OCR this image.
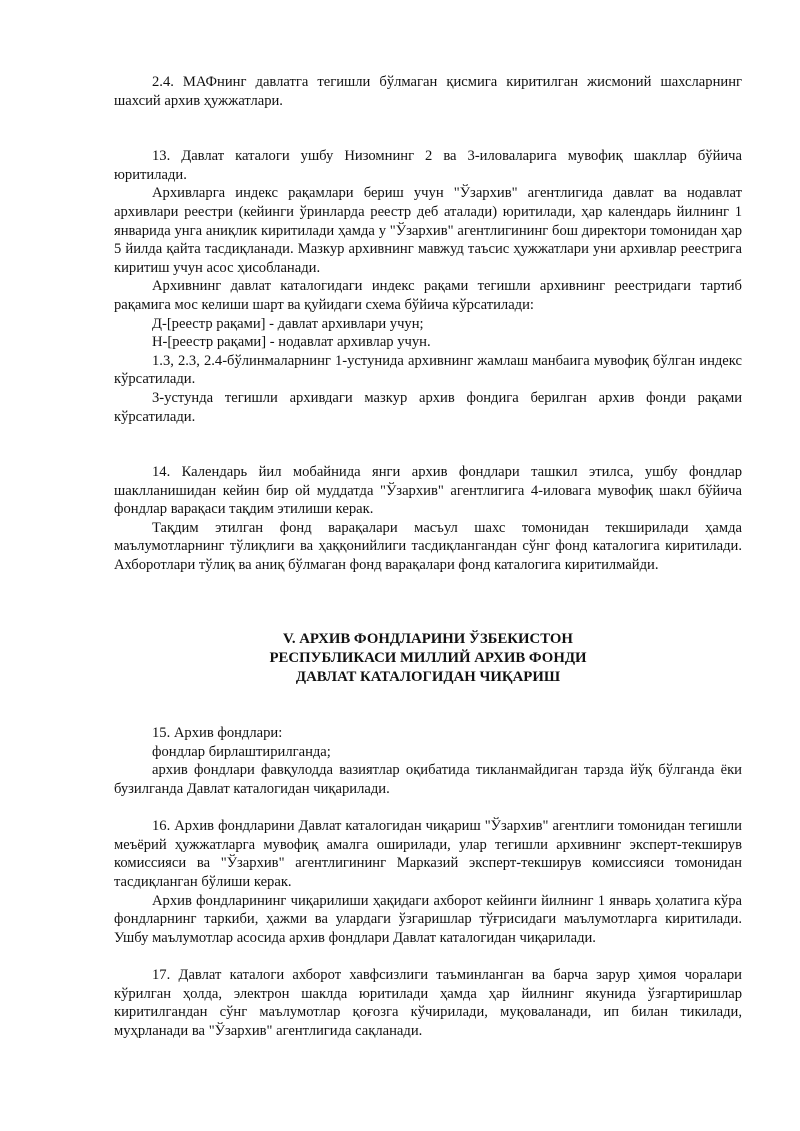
2.4. МАФнинг давлатга тегишли бўлмаган қисмига киритилган жисмоний шахсларнинг шахсий архив ҳужжатлари.

13. Давлат каталоги ушбу Низомнинг 2 ва 3-иловаларига мувофиқ шакллар бўйича юритилади.

Архивларга индекс рақамлари бериш учун "Ўзархив" агентлигида давлат ва нодавлат архивлари реестри (кейинги ўринларда реестр деб аталади) юритилади, ҳар календарь йилнинг 1 январида унга аниқлик киритилади ҳамда у "Ўзархив" агентлигининг бош директори томонидан ҳар 5 йилда қайта тасдиқланади. Мазкур архивнинг мавжуд таъсис ҳужжатлари уни архивлар реестрига киритиш учун асос ҳисобланади.

Архивнинг давлат каталогидаги индекс рақами тегишли архивнинг реестридаги тартиб рақамига мос келиши шарт ва қуйидаги схема бўйича кўрсатилади:

Д-[реестр рақами] - давлат архивлари учун;

Н-[реестр рақами] - нодавлат архивлар учун.

1.3, 2.3, 2.4-бўлинмаларнинг 1-устунида архивнинг жамлаш манбаига мувофиқ бўлган индекс кўрсатилади.

3-устунда тегишли архивдаги мазкур архив фондига берилган архив фонди рақами кўрсатилади.

14. Календарь йил мобайнида янги архив фондлари ташкил этилса, ушбу фондлар шаклланишидан кейин бир ой муддатда "Ўзархив" агентлигига 4-иловага мувофиқ шакл бўйича фондлар варақаси тақдим этилиши керак.

Тақдим этилган фонд варақалари масъул шахс томонидан текширилади ҳамда маълумотларнинг тўлиқлиги ва ҳаққонийлиги тасдиқлангандан сўнг фонд каталогига киритилади. Ахборотлари тўлиқ ва аниқ бўлмаган фонд варақалари фонд каталогига киритилмайди.

V. АРХИВ ФОНДЛАРИНИ ЎЗБЕКИСТОН

РЕСПУБЛИКАСИ МИЛЛИЙ АРХИВ ФОНДИ

ДАВЛАТ КАТАЛОГИДАН ЧИҚАРИШ

15. Архив фондлари:

фондлар бирлаштирилганда;

архив фондлари фавқулодда вазиятлар оқибатида тикланмайдиган тарзда йўқ бўлганда ёки бузилганда Давлат каталогидан чиқарилади.

16. Архив фондларини Давлат каталогидан чиқариш "Ўзархив" агентлиги томонидан тегишли меъёрий ҳужжатларга мувофиқ амалга оширилади, улар тегишли архивнинг эксперт-текширув комиссияси ва "Ўзархив" агентлигининг Марказий эксперт-текширув комиссияси томонидан тасдиқланган бўлиши керак.

Архив фондларининг чиқарилиши ҳақидаги ахборот кейинги йилнинг 1 январь ҳолатига кўра фондларнинг таркиби, ҳажми ва улардаги ўзгаришлар тўғрисидаги маълумотларга киритилади. Ушбу маълумотлар асосида архив фондлари Давлат каталогидан чиқарилади.

17. Давлат каталоги ахборот хавфсизлиги таъминланган ва барча зарур ҳимоя чоралари кўрилган ҳолда, электрон шаклда юритилади ҳамда ҳар йилнинг якунида ўзгартиришлар киритилгандан сўнг маълумотлар қоғозга кўчирилади, муқоваланади, ип билан тикилади, муҳрланади ва "Ўзархив" агентлигида сақланади.
